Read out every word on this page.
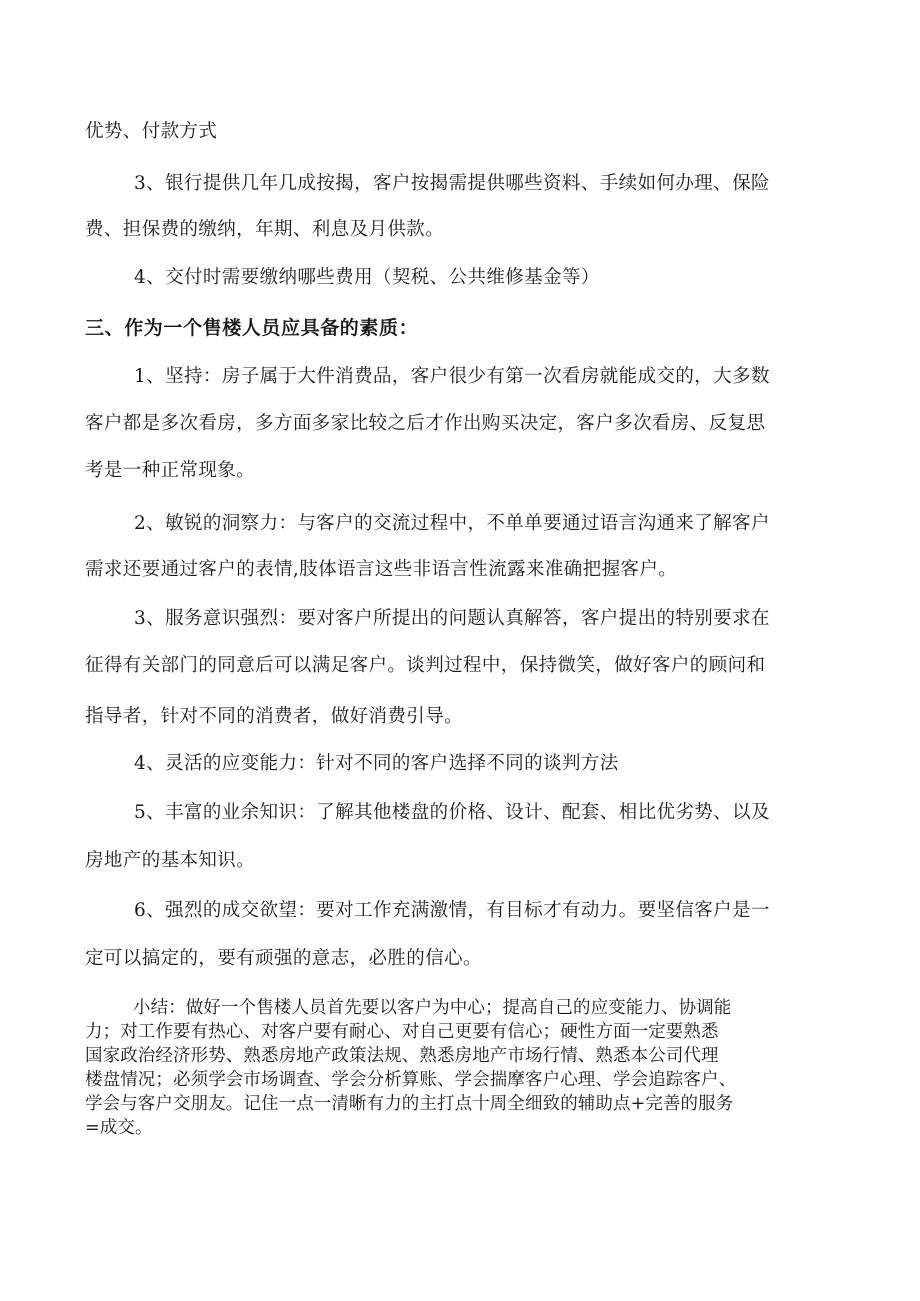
优势、付款方式
3、银行提供几年几成按揭，客户按揭需提供哪些资料、手续如何办理、保险
费、担保费的缴纳，年期、利息及月供款。
4、交付时需要缴纳哪些费用（契税、公共维修基金等）
三、作为一个售楼人员应具备的素质：
1、坚持：房子属于大件消费品，客户很少有第一次看房就能成交的，大多数
客户都是多次看房，多方面多家比较之后才作出购买决定，客户多次看房、反复思
考是一种正常现象。
2、敏锐的洞察力：与客户的交流过程中，不单单要通过语言沟通来了解客户
需求还要通过客户的表情,肢体语言这些非语言性流露来准确把握客户。
3、服务意识强烈：要对客户所提出的问题认真解答，客户提出的特别要求在
征得有关部门的同意后可以满足客户。谈判过程中，保持微笑，做好客户的顾问和
指导者，针对不同的消费者，做好消费引导。
4、灵活的应变能力：针对不同的客户选择不同的谈判方法
5、丰富的业余知识：了解其他楼盘的价格、设计、配套、相比优劣势、以及
房地产的基本知识。
6、强烈的成交欲望：要对工作充满激情，有目标才有动力。要坚信客户是一
定可以搞定的，要有顽强的意志，必胜的信心。
小结：做好一个售楼人员首先要以客户为中心；提高自己的应变能力、协调能
力；对工作要有热心、对客户要有耐心、对自己更要有信心；硬性方面一定要熟悉
国家政治经济形势、熟悉房地产政策法规、熟悉房地产市场行情、熟悉本公司代理
楼盘情况；必须学会市场调查、学会分析算账、学会揣摩客户心理、学会追踪客户、
学会与客户交朋友。记住一点一清晰有力的主打点十周全细致的辅助点+完善的服务
=成交。
